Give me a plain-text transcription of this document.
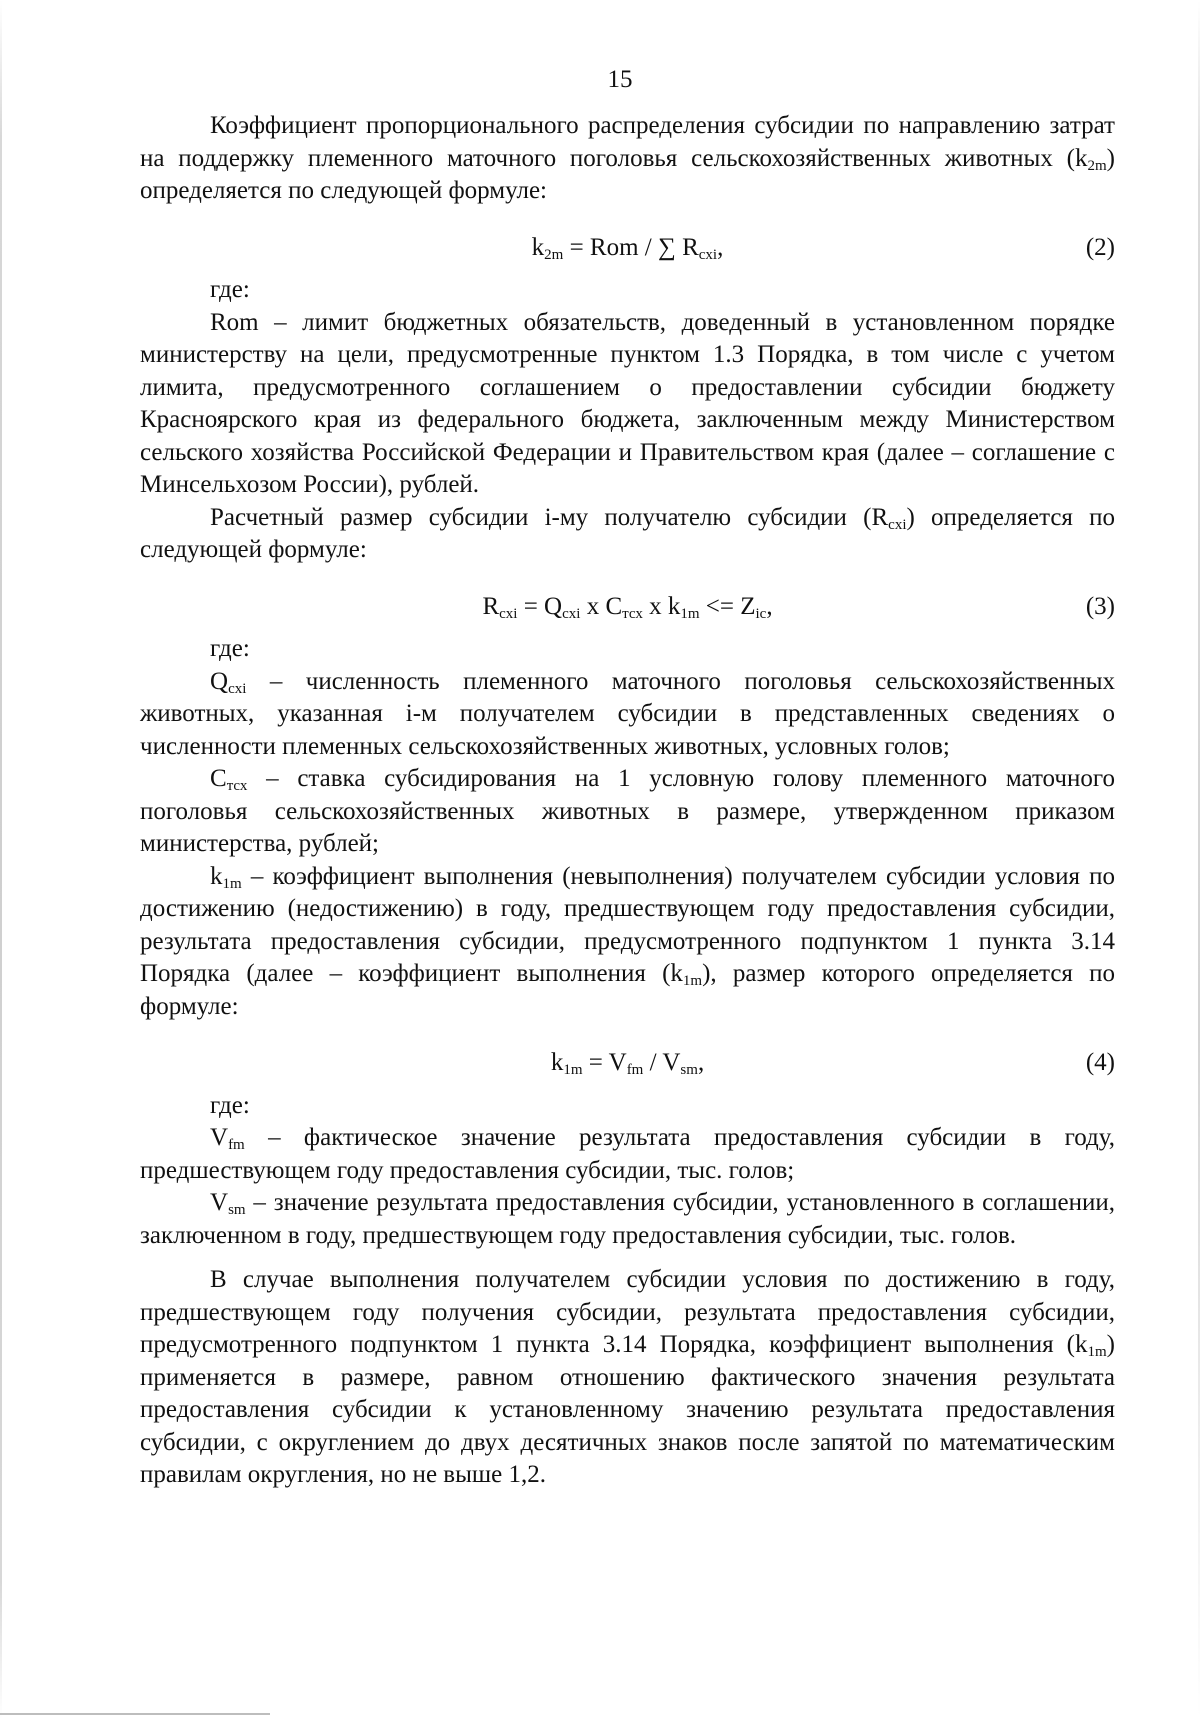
15

Коэффициент пропорционального распределения субсидии по направлению затрат на поддержку племенного маточного поголовья сельскохозяйственных животных $(k_{2m})$ определяется по следующей формуле:

$k_{2m}$ = Rom / ∑ $R_{cxi}$,	(2)

где:

Rom – лимит бюджетных обязательств, доведенный в установленном порядке министерству на цели, предусмотренные пунктом 1.3 Порядка, в том числе с учетом лимита, предусмотренного соглашением о предоставлении субсидии бюджету Красноярского края из федерального бюджета, заключенным между Министерством сельского хозяйства Российской Федерации и Правительством края (далее – соглашение с Минсельхозом России), рублей.

Расчетный размер субсидии i-му получателю субсидии $(R_{cxi})$ определяется по следующей формуле:

$R_{cxi} = Q_{cxi}$ x $C_{тсх}$ x $k_{1m} <= Z_{ic}$,	(3)

где:

$Q_{cxi}$ – численность племенного маточного поголовья сельскохозяйственных животных, указанная i-м получателем субсидии в представленных сведениях о численности племенных сельскохозяйственных животных, условных голов;

$C_{тсх}$ – ставка субсидирования на 1 условную голову племенного маточного поголовья сельскохозяйственных животных в размере, утвержденном приказом министерства, рублей;

$k_{1m}$ – коэффициент выполнения (невыполнения) получателем субсидии условия по достижению (недостижению) в году, предшествующем году предоставления субсидии, результата предоставления субсидии, предусмотренного подпунктом 1 пункта 3.14 Порядка (далее – коэффициент выполнения $(k_{1m})$, размер которого определяется по формуле:

$k_{1m} = V_{fm} / V_{sm}$,	(4)

где:

$V_{fm}$ – фактическое значение результата предоставления субсидии в году, предшествующем году предоставления субсидии, тыс. голов;

$V_{sm}$ – значение результата предоставления субсидии, установленного в соглашении, заключенном в году, предшествующем году предоставления субсидии, тыс. голов.

В случае выполнения получателем субсидии условия по достижению в году, предшествующем году получения субсидии, результата предоставления субсидии, предусмотренного подпунктом 1 пункта 3.14 Порядка, коэффициент выполнения $(k_{1m})$ применяется в размере, равном отношению фактического значения результата предоставления субсидии к установленному значению результата предоставления субсидии, с округлением до двух десятичных знаков после запятой по математическим правилам округления, но не выше 1,2.
